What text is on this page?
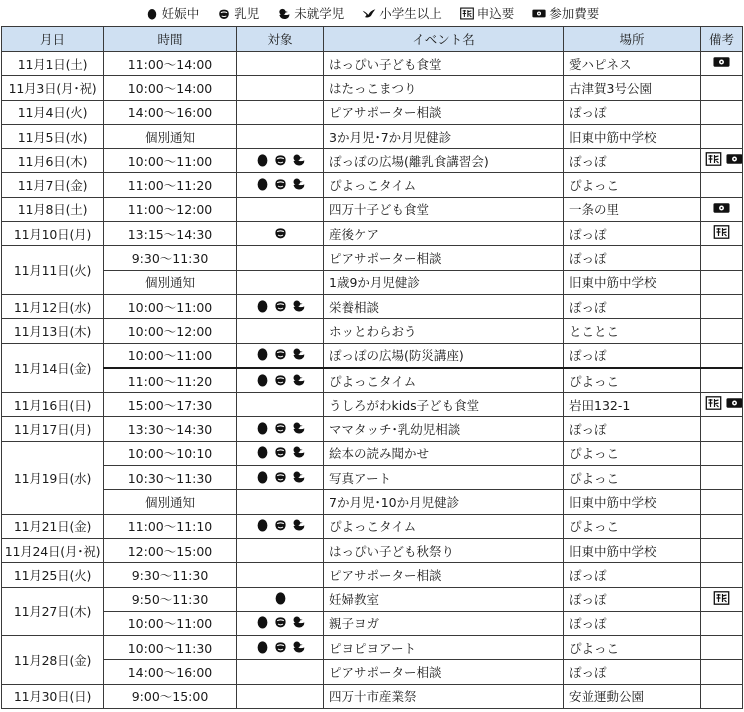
妊娠中	乳児	未就学児	小学生以上	申込要	参加費要
月日	時間	対象	イベント名	場所	備考
11月1日(土)	11:00～14:00		はっぴい子ども食堂	愛ハピネス	

11月3日(月･祝)	10:00～14:00		はたっこまつり	古津賀3号公園	
11月4日(火)	14:00～16:00		ピアサポーター相談	ぽっぽ	
11月5日(水)	個別通知		3か月児･7か月児健診	旧東中筋中学校	
11月6日(木)	10:00～11:00		ぽっぽの広場(離乳食講習会)	ぽっぽ	

11月7日(金)	11:00～11:20		ぴよっこタイム	ぴよっこ	
11月8日(土)	11:00～12:00		四万十子ども食堂	一条の里	

11月10日(月)	13:15～14:30		産後ケア	ぽっぽ	

11月11日(火)	9:30～11:30		ピアサポーター相談	ぽっぽ	
	個別通知		1歳9か月児健診	旧東中筋中学校	
11月12日(水)	10:00～11:00		栄養相談	ぽっぽ	
11月13日(木)	10:00～12:00		ホッとわらおう	とことこ	
11月14日(金)	10:00～11:00		ぽっぽの広場(防災講座)	ぽっぽ	
	11:00～11:20		ぴよっこタイム	ぴよっこ	
11月16日(日)	15:00～17:30		うしろがわkids子ども食堂	岩田132-1	

11月17日(月)	13:30～14:30		ママタッチ･乳幼児相談	ぽっぽ	
11月19日(水)	10:00～10:10		絵本の読み聞かせ	ぴよっこ	
	10:30～11:30		写真アート	ぴよっこ	
	個別通知		7か月児･10か月児健診	旧東中筋中学校	
11月21日(金)	11:00～11:10		ぴよっこタイム	ぴよっこ	
11月24日(月･祝)	12:00～15:00		はっぴい子ども秋祭り	旧東中筋中学校	
11月25日(火)	9:30～11:30		ピアサポーター相談	ぽっぽ	
11月27日(木)	9:50～11:30		妊婦教室	ぽっぽ	

	10:00～11:00		親子ヨガ	ぽっぽ	
11月28日(金)	10:00～11:30		ピヨピヨアート	ぴよっこ	
	14:00～16:00		ピアサポーター相談	ぽっぽ	
11月30日(日)	9:00～15:00		四万十市産業祭	安並運動公園	
